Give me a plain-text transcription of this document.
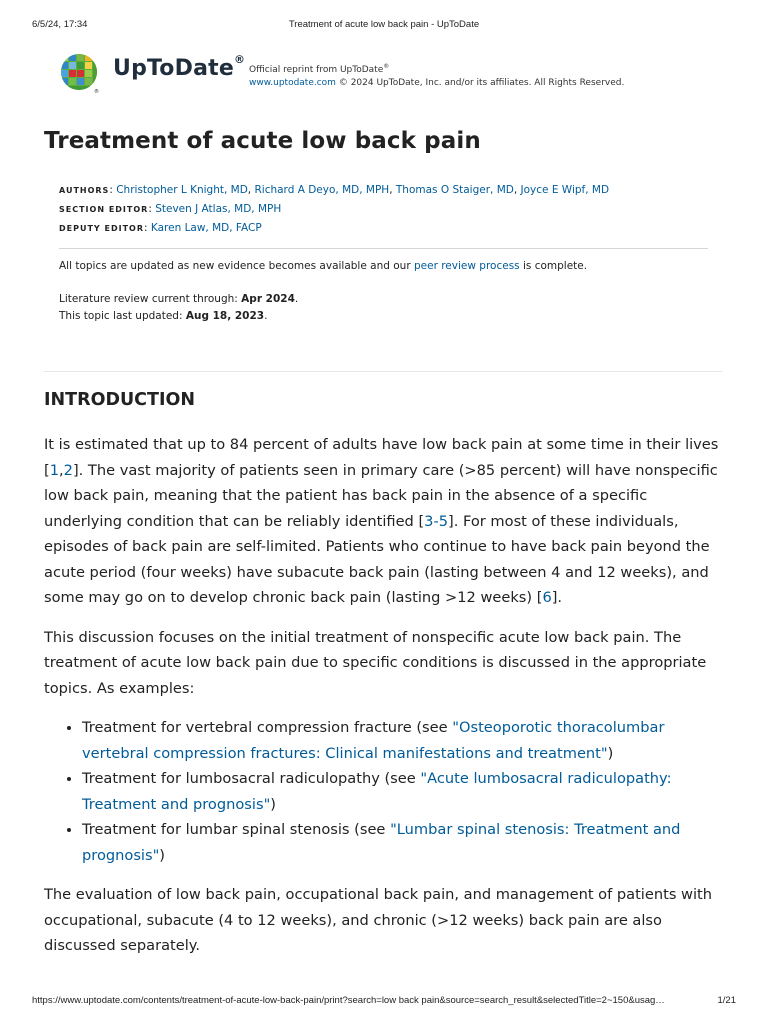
6/5/24, 17:34	Treatment of acute low back pain - UpToDate
®
UpToDate®
Official reprint from UpToDate®
www.uptodate.com © 2024 UpToDate, Inc. and/or its affiliates. All Rights Reserved.
Treatment of acute low back pain
AUTHORS: Christopher L Knight, MD, Richard A Deyo, MD, MPH, Thomas O Staiger, MD, Joyce E Wipf, MD
SECTION EDITOR: Steven J Atlas, MD, MPH
DEPUTY EDITOR: Karen Law, MD, FACP

All topics are updated as new evidence becomes available and our peer review process is complete.

Literature review current through: Apr 2024.

This topic last updated: Aug 18, 2023.

INTRODUCTION

It is estimated that up to 84 percent of adults have low back pain at some time in their lives [1,2]. The vast majority of patients seen in primary care (>85 percent) will have nonspecific low back pain, meaning that the patient has back pain in the absence of a specific underlying condition that can be reliably identified [3-5]. For most of these individuals, episodes of back pain are self-limited. Patients who continue to have back pain beyond the acute period (four weeks) have subacute back pain (lasting between 4 and 12 weeks), and some may go on to develop chronic back pain (lasting >12 weeks) [6].

This discussion focuses on the initial treatment of nonspecific acute low back pain. The treatment of acute low back pain due to specific conditions is discussed in the appropriate topics. As examples:

• Treatment for vertebral compression fracture (see "Osteoporotic thoracolumbar vertebral compression fractures: Clinical manifestations and treatment")
• Treatment for lumbosacral radiculopathy (see "Acute lumbosacral radiculopathy: Treatment and prognosis")
• Treatment for lumbar spinal stenosis (see "Lumbar spinal stenosis: Treatment and prognosis")

The evaluation of low back pain, occupational back pain, and management of patients with occupational, subacute (4 to 12 weeks), and chronic (>12 weeks) back pain are also discussed separately.

https://www.uptodate.com/contents/treatment-of-acute-low-back-pain/print?search=low back pain&source=search_result&selectedTitle=2~150&usag…	1/21
